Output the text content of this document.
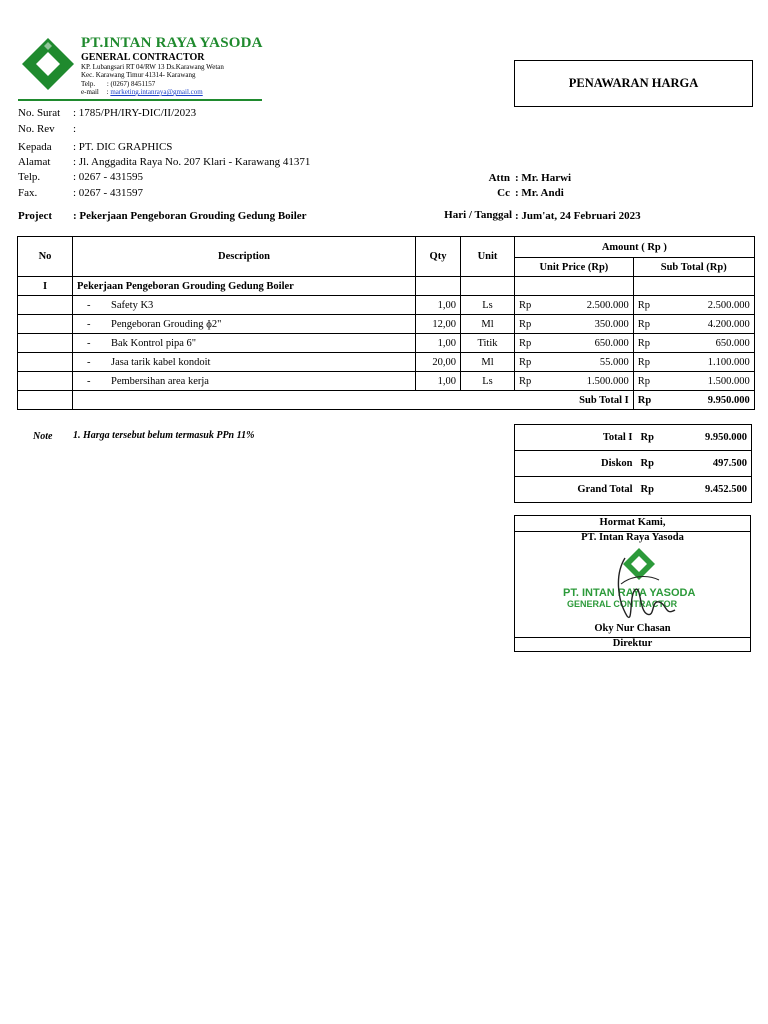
PT.INTAN RAYA YASODA
GENERAL CONTRACTOR
KP. Lubangsari RT 04/RW 13 Ds.Karawang Wetan
Kec. Karawang Timur 41314- Karawang
Telp. : (0267) 8451157
e-mail : marketing.intanraya@gmail.com
PENAWARAN HARGA
No. Surat : 1785/PH/IRY-DIC/II/2023
No. Rev :
Kepada : PT. DIC GRAPHICS
Alamat : Jl. Anggadita Raya No. 207 Klari - Karawang 41371
Telp.	: 0267 - 431595
Fax.	: 0267 - 431597
Attn : Mr. Harwi
Cc : Mr. Andi
Project : Pekerjaan Pengeboran Grouding Gedung Boiler	Hari / Tanggal : Jum'at, 24 Februari 2023
No	Description	Qty	Unit	Amount ( Rp )			
				Unit Price (Rp)		Sub Total (Rp)	
I	Pekerjaan Pengeboran Grouding Gedung Boiler						
	- Safety K3	1,00	Ls	Rp	2.500.000	Rp	2.500.000
	- Pengeboran Grouding ɸ2"	12,00	Ml	Rp	350.000	Rp	4.200.000
	- Bak Kontrol pipa 6"	1,00	Titik	Rp	650.000	Rp	650.000
	- Jasa tarik kabel kondoit	20,00	Ml	Rp	55.000	Rp	1.100.000
	- Pembersihan area kerja	1,00	Ls	Rp	1.500.000	Rp	1.500.000
	Sub Total I					Rp	9.950.000
Note 1. Harga tersebut belum termasuk PPn 11%	Total I	Rp	9.950.000
Diskon	Rp	497.500
Grand Total	Rp	9.452.500
Hormat Kami,
PT. Intan Raya Yasoda
PT. INTAN RAYA YASODA
GENERAL CONTRACTOR
Oky Nur Chasan
Direktur
